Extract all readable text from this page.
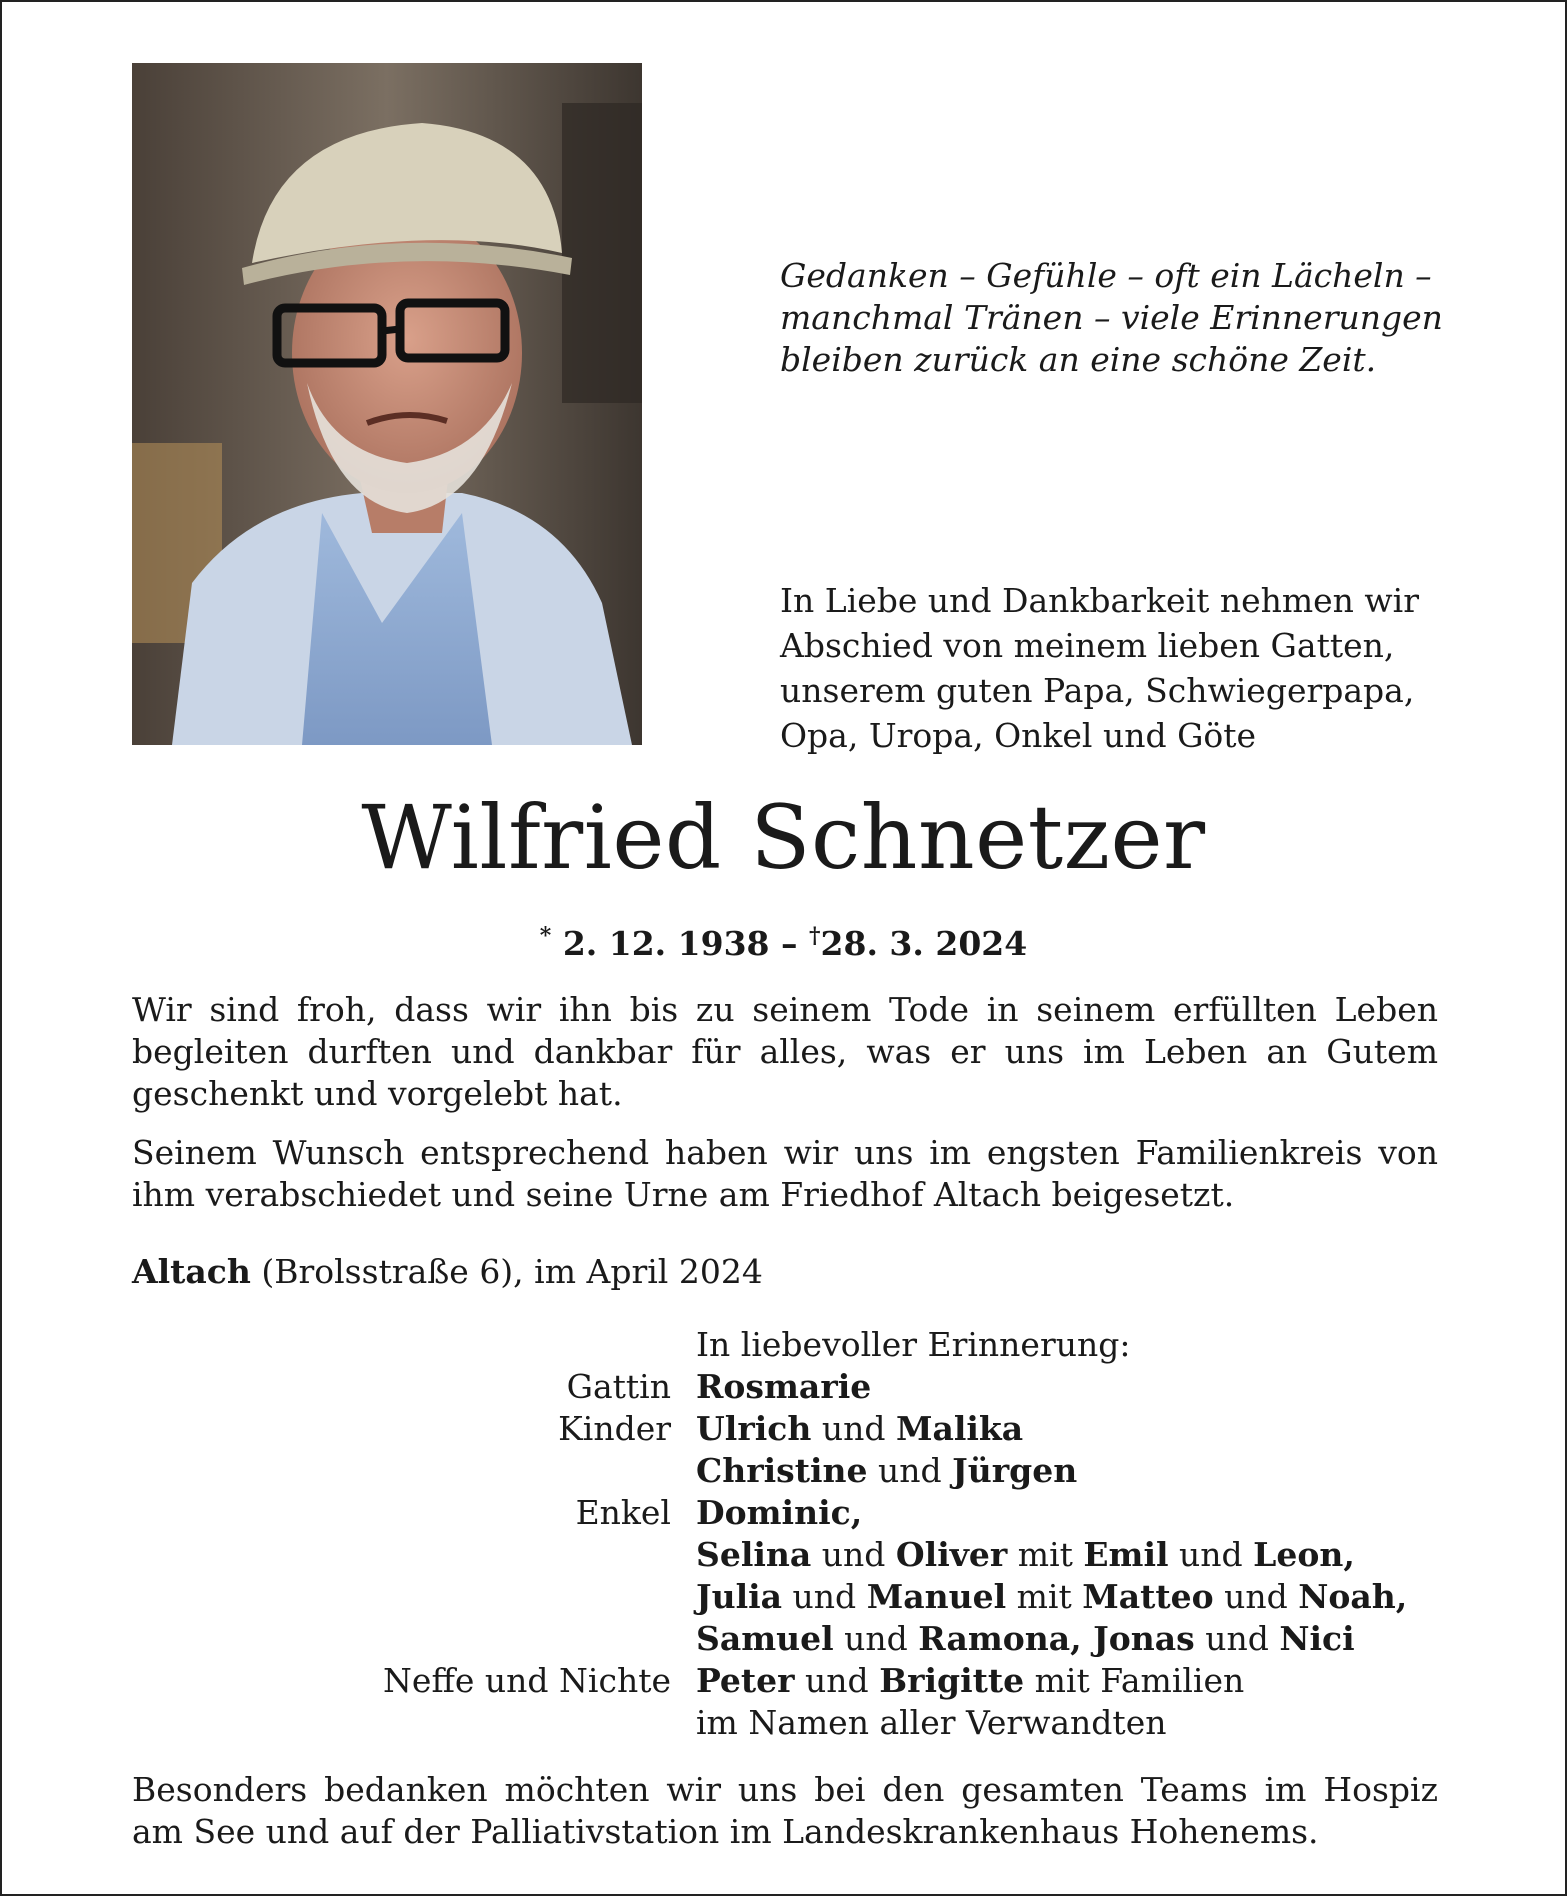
Gedanken – Gefühle – oft ein Lächeln –
manchmal Tränen – viele Erinnerungen
bleiben zurück an eine schöne Zeit.
In Liebe und Dankbarkeit nehmen wir
Abschied von meinem lieben Gatten,
unserem guten Papa, Schwiegerpapa,
Opa, Uropa, Onkel und Göte
Wilfried Schnetzer
* 2. 12. 1938 – †28. 3. 2024
Wir sind froh, dass wir ihn bis zu seinem Tode in seinem erfüllten Leben
begleiten durften und dankbar für alles, was er uns im Leben an Gutem
geschenkt und vorgelebt hat.
Seinem Wunsch entsprechend haben wir uns im engsten Familienkreis von
ihm verabschiedet und seine Urne am Friedhof Altach beigesetzt.
Altach (Brolsstraße 6), im April 2024
In liebevoller Erinnerung:
Gattin Rosmarie
Kinder Ulrich und Malika
Christine und Jürgen
Enkel Dominic,
Selina und Oliver mit Emil und Leon,
Julia und Manuel mit Matteo und Noah,
Samuel und Ramona, Jonas und Nici
Neffe und Nichte Peter und Brigitte mit Familien
im Namen aller Verwandten
Besonders bedanken möchten wir uns bei den gesamten Teams im Hospiz
am See und auf der Palliativstation im Landeskrankenhaus Hohenems.
